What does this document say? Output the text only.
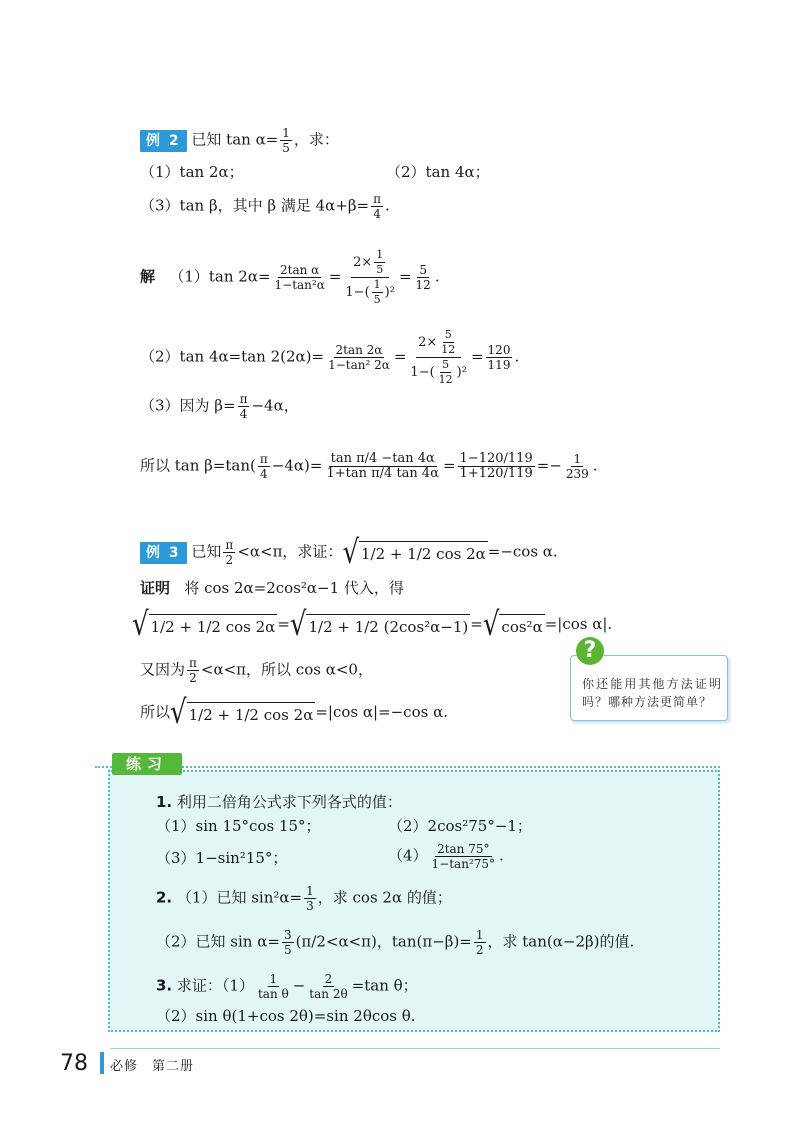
例 2 已知 $\tan \alpha= \frac{1}{5}$ ，求：
（1）tan 2α；	（2）tan 4α；
（3）tan β，其中 β 满足 $4\alpha+\beta= \frac{\pi}{4}$ .
解 （1）tan $2\alpha= \frac{\text{2tan α}}{\text{1−tan²α}} = \frac{2\times \frac{1}{5}}{1-( \frac{1}{5} )^2} = \frac{5}{12}$ .
（2）tan 4α=tan $2(2\alpha)= \frac{2\tan 2\alpha}{\text{1−tan² 2α}} = \frac{2\times \frac{5}{12}}{1-( \frac{5}{12} )^2} = \frac{120}{119}$ .
（3）因为 $\beta= \frac{\pi}{4} -4\alpha$，
所以 $\tan \beta=\tan( \frac{\pi}{4} -4\alpha)= \frac{\text{tan π/4 −tan 4α}}{\text{1+tan π/4 tan 4α}} = \frac{1-120/119}{1+120/119} =- \frac{1}{239}$ .
例 3 已知 $\frac{\pi}{2} <\alpha<\pi$，求证： √ 1/2 + 1/2 cos 2α =−cos α.
证明 将 cos 2α=2cos²α−1 代入，得
√ 1/2 + 1/2 cos 2α = √ 1/2 + 1/2 (2cos²α−1) = √ cos²α =|cos α|.
又因为 $\frac{\pi}{2} <\alpha<\pi$，所以 cos α<0，
所以 √ 1/2 + 1/2 cos 2α =|cos α|=−cos α.
?
你还能用其他方法证明吗？哪种方法更简单？
练习
1. 利用二倍角公式求下列各式的值：
（1）sin 15°cos 15°；	（2）2cos²75°−1；
（3）1−sin²15°；	$(4) \frac{2\tan 75^\circ}{\text{1−tan²75°}}$ .
2. （1）已知 $\sin^2\alpha= \frac{1}{3}$ ，求 cos 2α 的值；
（2）已知 $\sin \alpha= \frac{3}{5} (\pi/2<\alpha<\pi)$，$\tan(\pi-\beta)= \frac{1}{2}$ ，求 tan(α−2β)的值.
3. 求证：$(1) \frac{1}{\text{tan θ}} - \frac{2}{\tan 2\theta} =\tan$ θ；
（2）sin θ(1+cos 2θ)=sin 2θcos θ.
78 必修　第二册
